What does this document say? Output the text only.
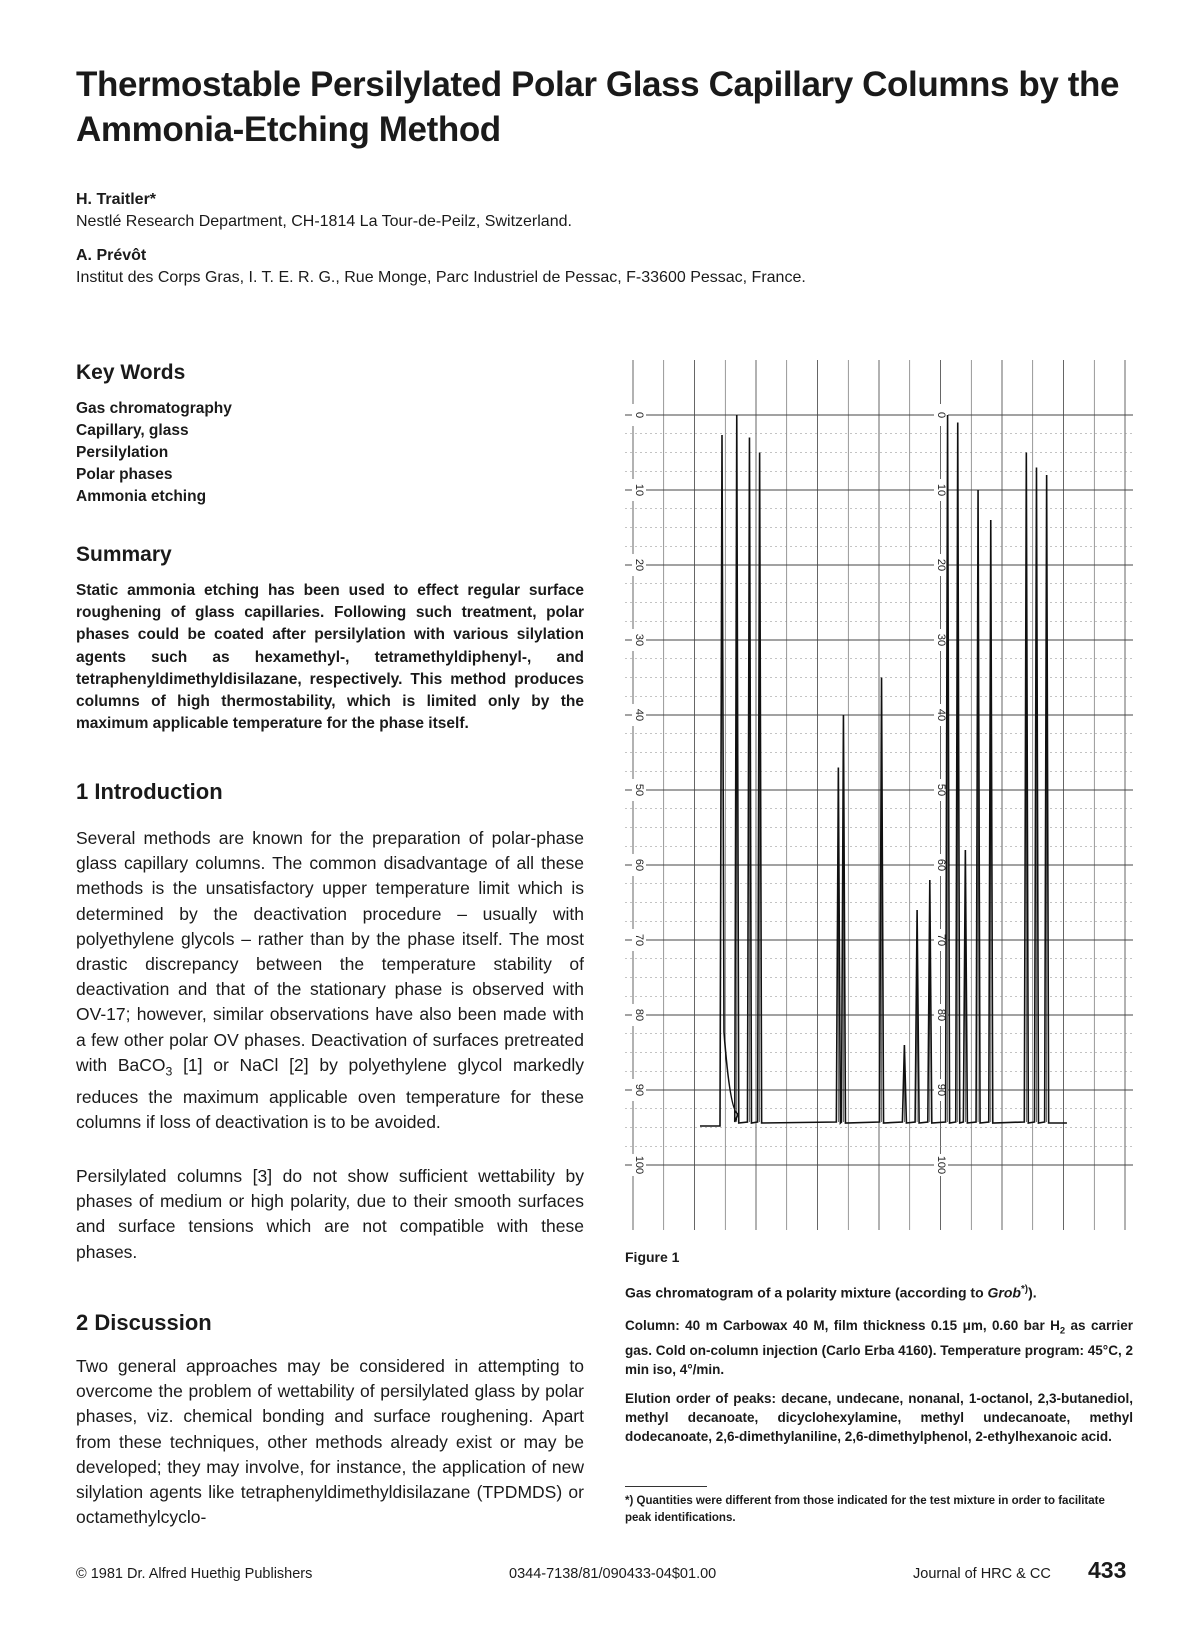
Thermostable Persilylated Polar Glass Capillary Columns by the Ammonia-Etching Method
H. Traitler*
Nestlé Research Department, CH-1814 La Tour-de-Peilz, Switzerland.
A. Prévôt
Institut des Corps Gras, I. T. E. R. G., Rue Monge, Parc Industriel de Pessac, F-33600 Pessac, France.
Key Words
Gas chromatography
Capillary, glass
Persilylation
Polar phases
Ammonia etching
Summary

Static ammonia etching has been used to effect regular surface roughening of glass capillaries. Following such treatment, polar phases could be coated after persilylation with various silylation agents such as hexamethyl-, tetramethyldiphenyl-, and tetraphenyldimethyldisilazane, respectively. This method produces columns of high thermostability, which is limited only by the maximum applicable temperature for the phase itself.

1 Introduction

Several methods are known for the preparation of polar-phase glass capillary columns. The common disadvantage of all these methods is the unsatisfactory upper temperature limit which is determined by the deactivation procedure – usually with polyethylene glycols – rather than by the phase itself. The most drastic discrepancy between the temperature stability of deactivation and that of the stationary phase is observed with OV-17; however, similar observations have also been made with a few other polar OV phases. Deactivation of surfaces pretreated with BaCO$_3$ [1] or NaCl [2] by polyethylene glycol markedly reduces the maximum applicable oven temperature for these columns if loss of deactivation is to be avoided.

Persilylated columns [3] do not show sufficient wettability by phases of medium or high polarity, due to their smooth surfaces and surface tensions which are not compatible with these phases.

2 Discussion

Two general approaches may be considered in attempting to overcome the problem of wettability of persilylated glass by polar phases, viz. chemical bonding and surface roughening. Apart from these techniques, other methods already exist or may be developed; they may involve, for instance, the application of new silylation agents like tetraphenyldimethyldisilazane (TPDMDS) or octamethylcyclo-

0
10
20
30
40
50
60
70
80
90
100
0
10
20
30
40
50
60
70
80
90
100
Figure 1
Gas chromatogram of a polarity mixture (according to Grob*)).

Column: 40 m Carbowax 40 M, film thickness 0.15 μm, 0.60 bar $H_2$ as carrier gas. Cold on-column injection (Carlo Erba 4160). Temperature program: 45°C, 2 min iso, 4°/min.

Elution order of peaks: decane, undecane, nonanal, 1-octanol, 2,3-butanediol, methyl decanoate, dicyclohexylamine, methyl undecanoate, methyl dodecanoate, 2,6-dimethylaniline, 2,6-dimethylphenol, 2-ethylhexanoic acid.

*) Quantities were different from those indicated for the test mixture in order to facilitate peak identifications.

© 1981 Dr. Alfred Huethig Publishers	0344-7138/81/090433-04$01.00	Journal of HRC & CC 433
